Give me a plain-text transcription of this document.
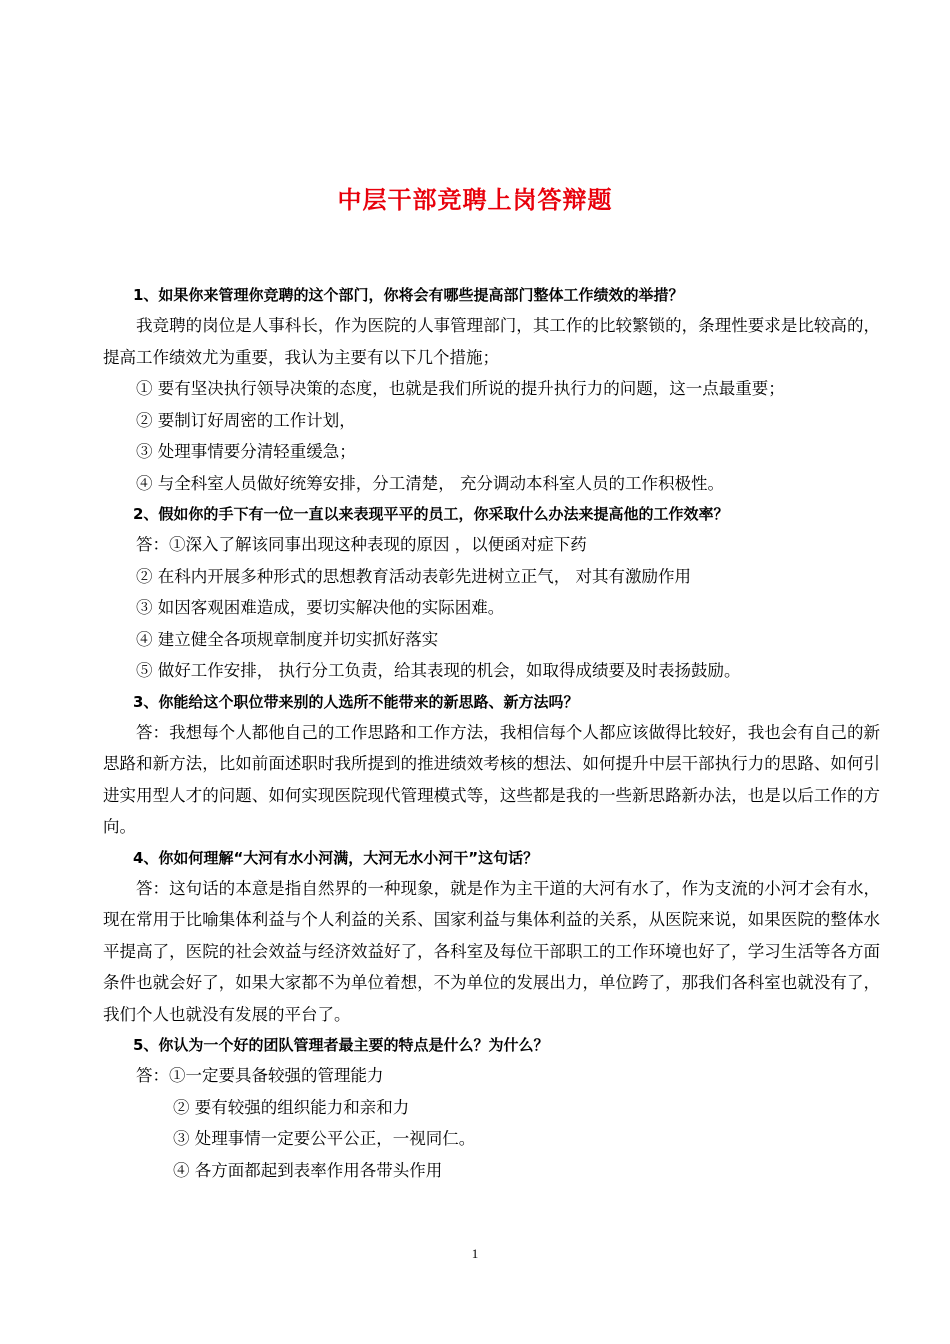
中层干部竞聘上岗答辩题

1、如果你来管理你竞聘的这个部门，你将会有哪些提高部门整体工作绩效的举措？

我竞聘的岗位是人事科长，作为医院的人事管理部门，其工作的比较繁锁的，条理性要求是比较高的，提高工作绩效尤为重要，我认为主要有以下几个措施；

① 要有坚决执行领导决策的态度，也就是我们所说的提升执行力的问题，这一点最重要；

② 要制订好周密的工作计划，

③ 处理事情要分清轻重缓急；

④ 与全科室人员做好统筹安排，分工清楚， 充分调动本科室人员的工作积极性。

2、假如你的手下有一位一直以来表现平平的员工，你采取什么办法来提高他的工作效率？

答：①深入了解该同事出现这种表现的原因 ，以便函对症下药

② 在科内开展多种形式的思想教育活动表彰先进树立正气， 对其有激励作用

③ 如因客观困难造成，要切实解决他的实际困难。

④ 建立健全各项规章制度并切实抓好落实

⑤ 做好工作安排， 执行分工负责，给其表现的机会，如取得成绩要及时表扬鼓励。

3、你能给这个职位带来别的人选所不能带来的新思路、新方法吗？

答：我想每个人都他自己的工作思路和工作方法，我相信每个人都应该做得比较好，我也会有自己的新思路和新方法，比如前面述职时我所提到的推进绩效考核的想法、如何提升中层干部执行力的思路、如何引进实用型人才的问题、如何实现医院现代管理模式等，这些都是我的一些新思路新办法，也是以后工作的方向。

4、你如何理解“大河有水小河满，大河无水小河干”这句话？

答：这句话的本意是指自然界的一种现象，就是作为主干道的大河有水了，作为支流的小河才会有水，现在常用于比喻集体利益与个人利益的关系、国家利益与集体利益的关系，从医院来说，如果医院的整体水平提高了，医院的社会效益与经济效益好了，各科室及每位干部职工的工作环境也好了，学习生活等各方面条件也就会好了，如果大家都不为单位着想，不为单位的发展出力，单位跨了，那我们各科室也就没有了，我们个人也就没有发展的平台了。

5、你认为一个好的团队管理者最主要的特点是什么？为什么？

答：①一定要具备较强的管理能力

② 要有较强的组织能力和亲和力

③ 处理事情一定要公平公正，一视同仁。

④ 各方面都起到表率作用各带头作用

1
